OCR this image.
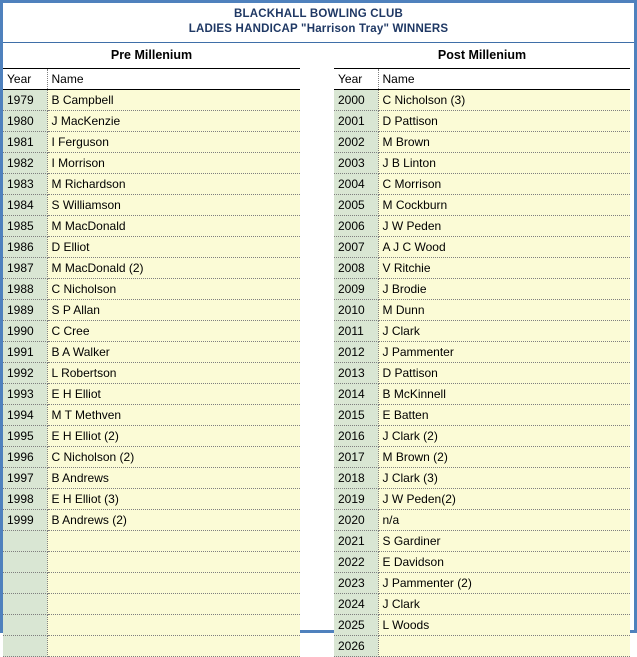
BLACKHALL BOWLING CLUB
LADIES HANDICAP "Harrison Tray" WINNERS
Pre Millenium
Year	Name
1979	B Campbell
1980	J MacKenzie
1981	I Ferguson
1982	I Morrison
1983	M Richardson
1984	S Williamson
1985	M MacDonald
1986	D Elliot
1987	M MacDonald (2)
1988	C Nicholson
1989	S P Allan
1990	C Cree
1991	B A Walker
1992	L Robertson
1993	E H Elliot
1994	M T Methven
1995	E H Elliot (2)
1996	C Nicholson (2)
1997	B Andrews
1998	E H Elliot (3)
1999	B Andrews (2)

Post Millenium
Year	Name
2000	C Nicholson (3)
2001	D Pattison
2002	M Brown
2003	J B Linton
2004	C Morrison
2005	M Cockburn
2006	J W Peden
2007	A J C Wood
2008	V Ritchie
2009	J Brodie
2010	M Dunn
2011	J Clark
2012	J Pammenter
2013	D Pattison
2014	B McKinnell
2015	E Batten
2016	J Clark (2)
2017	M Brown (2)
2018	J Clark (3)
2019	J W Peden(2)
2020	n/a
2021	S Gardiner
2022	E Davidson
2023	J Pammenter (2)
2024	J Clark
2025	L Woods
2026	
